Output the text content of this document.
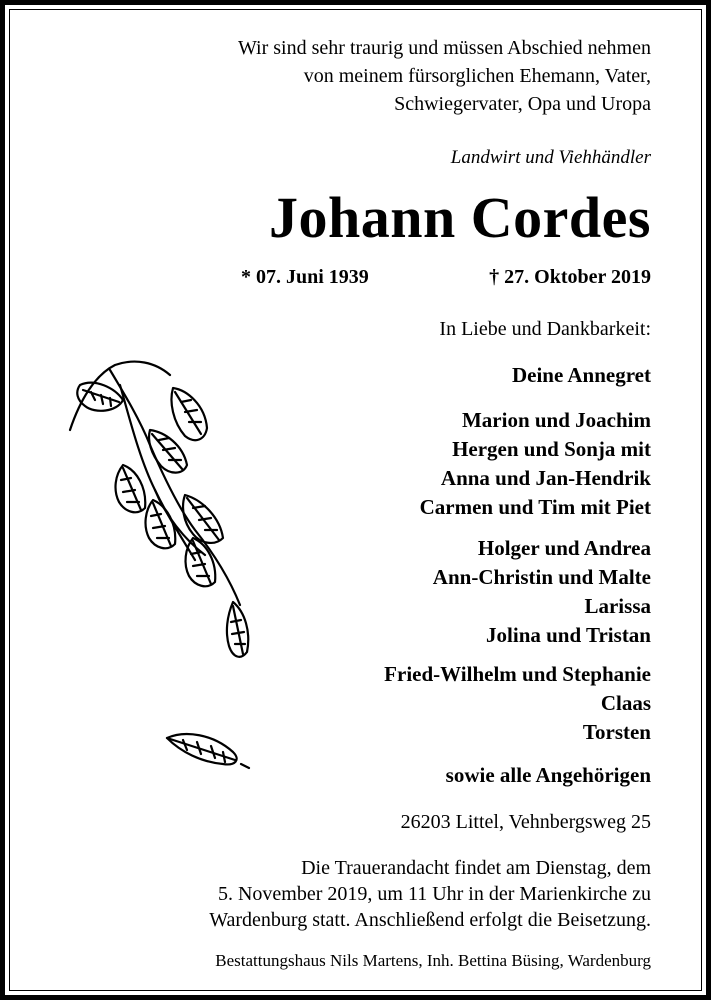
Wir sind sehr traurig und müssen Abschied nehmen
von meinem fürsorglichen Ehemann, Vater,
Schwiegervater, Opa und Uropa
Landwirt und Viehhändler
Johann Cordes
* 07. Juni 1939	† 27. Oktober 2019
In Liebe und Dankbarkeit:
Deine Annegret
Marion und Joachim
Hergen und Sonja mit
Anna und Jan-Hendrik
Carmen und Tim mit Piet
Holger und Andrea
Ann-Christin und Malte
Larissa
Jolina und Tristan
Fried-Wilhelm und Stephanie
Claas
Torsten
sowie alle Angehörigen
26203 Littel, Vehnbergsweg 25
Die Trauerandacht findet am Dienstag, dem
5. November 2019, um 11 Uhr in der Marienkirche zu
Wardenburg statt. Anschließend erfolgt die Beisetzung.
Bestattungshaus Nils Martens, Inh. Bettina Büsing, Wardenburg
